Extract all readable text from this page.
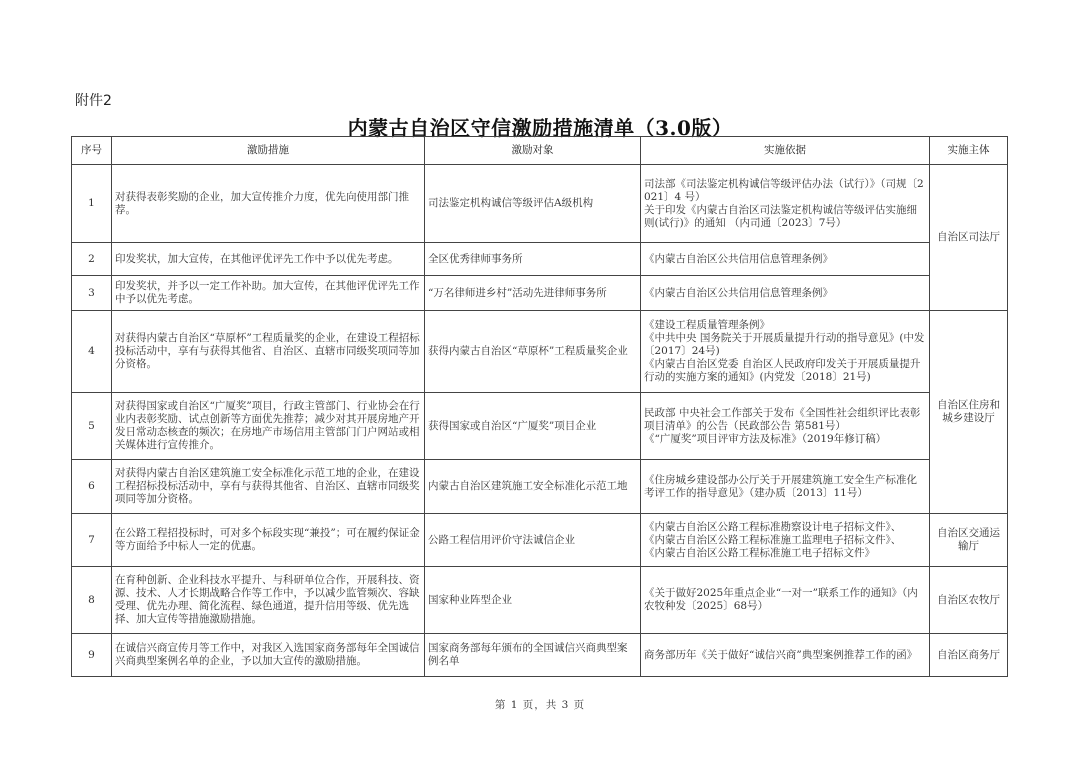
附件2
内蒙古自治区守信激励措施清单（3.0版）
序号	激励措施	激励对象	实施依据	实施主体
1	对获得表彰奖励的企业，加大宣传推介力度，优先向使用部门推荐。	司法鉴定机构诚信等级评估A级机构	司法部《司法鉴定机构诚信等级评估办法（试行）》（司规〔2021〕4 号）
关于印发《内蒙古自治区司法鉴定机构诚信等级评估实施细则(试行)》的通知 （内司通〔2023〕7号）	自治区司法厅
2	印发奖状，加大宣传，在其他评优评先工作中予以优先考虑。	全区优秀律师事务所	《内蒙古自治区公共信用信息管理条例》	

3	印发奖状，并予以一定工作补助。加大宣传，在其他评优评先工作中予以优先考虑。	“万名律师进乡村”活动先进律师事务所	《内蒙古自治区公共信用信息管理条例》	

4	对获得内蒙古自治区“草原杯”工程质量奖的企业，在建设工程招标投标活动中，享有与获得其他省、自治区、直辖市同级奖项同等加分资格。	获得内蒙古自治区“草原杯”工程质量奖企业	《建设工程质量管理条例》
《中共中央 国务院关于开展质量提升行动的指导意见》(中发〔2017〕24号)
《内蒙古自治区党委 自治区人民政府印发关于开展质量提升行动的实施方案的通知》(内党发〔2018〕21号)	自治区住房和城乡建设厅
5	对获得国家或自治区“广厦奖”项目，行政主管部门、行业协会在行业内表彰奖励、试点创新等方面优先推荐；减少对其开展房地产开发日常动态核查的频次；在房地产市场信用主管部门门户网站或相关媒体进行宣传推介。	获得国家或自治区“广厦奖”项目企业	民政部 中央社会工作部关于发布《全国性社会组织评比表彰项目清单》的公告（民政部公告 第581号）
《“广厦奖”项目评审方法及标准》（2019年修订稿）	

6	对获得内蒙古自治区建筑施工安全标准化示范工地的企业，在建设工程招标投标活动中，享有与获得其他省、自治区、直辖市同级奖项同等加分资格。	内蒙古自治区建筑施工安全标准化示范工地	《住房城乡建设部办公厅关于开展建筑施工安全生产标准化考评工作的指导意见》（建办质〔2013〕11号）	

7	在公路工程招投标时，可对多个标段实现“兼投”；可在履约保证金等方面给予中标人一定的优惠。	公路工程信用评价守法诚信企业	《内蒙古自治区公路工程标准勘察设计电子招标文件》、
《内蒙古自治区公路工程标准施工监理电子招标文件》、
《内蒙古自治区公路工程标准施工电子招标文件》	自治区交通运输厅
8	在育种创新、企业科技水平提升、与科研单位合作，开展科技、资源、技术、人才长期战略合作等工作中，予以减少监管频次、容缺受理、优先办理、简化流程、绿色通道，提升信用等级、优先选择、加大宣传等措施激励措施。	国家种业阵型企业	《关于做好2025年重点企业“一对一”联系工作的通知》（内农牧种发〔2025〕68号）	自治区农牧厅
9	在诚信兴商宣传月等工作中，对我区入选国家商务部每年全国诚信兴商典型案例名单的企业，予以加大宣传的激励措施。	国家商务部每年颁布的全国诚信兴商典型案例名单	商务部历年《关于做好“诚信兴商”典型案例推荐工作的函》	自治区商务厅
第 1 页，共 3 页
